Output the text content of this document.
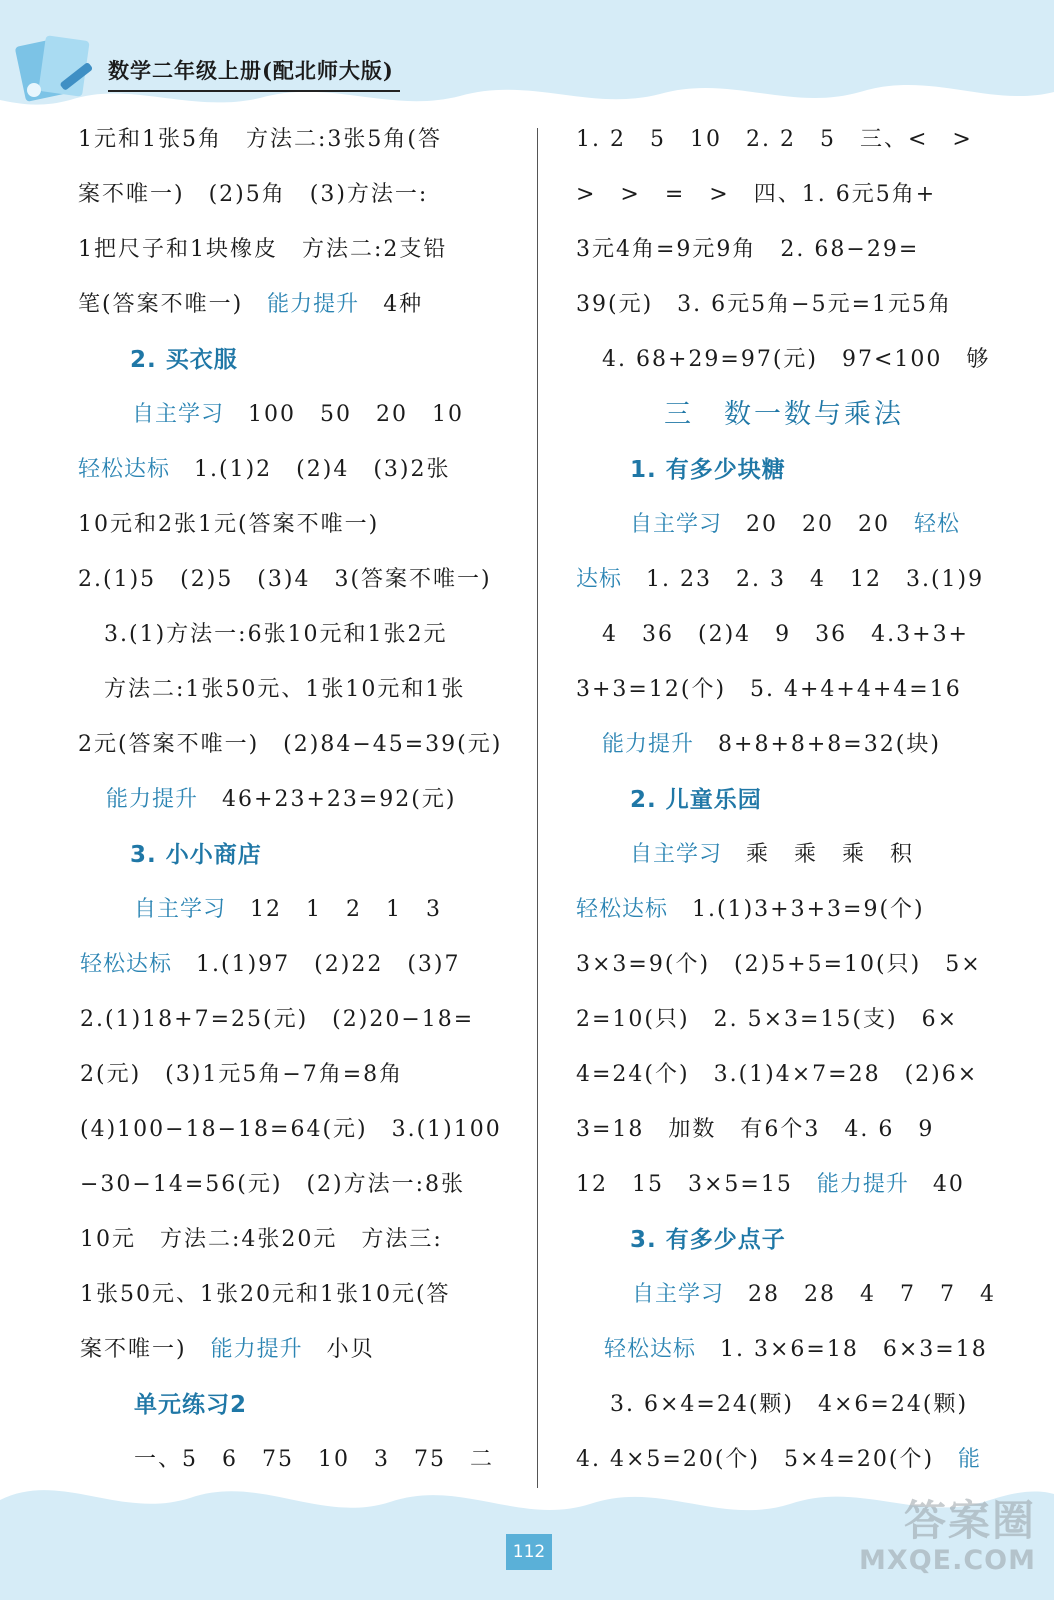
数学二年级上册(配北师大版)
1元和1张5角　方法二:3张5角(答
案不唯一)　(2)5角　(3)方法一:
1把尺子和1块橡皮　方法二:2支铅
笔(答案不唯一)　能力提升　4种
2. 买衣服
自主学习　100　50　20　10
轻松达标　1.(1)2　(2)4　(3)2张
10元和2张1元(答案不唯一)
2.(1)5　(2)5　(3)4　3(答案不唯一)
3.(1)方法一:6张10元和1张2元
方法二:1张50元、1张10元和1张
2元(答案不唯一)　(2)84−45=39(元)
能力提升　46+23+23=92(元)
3. 小小商店
自主学习　12　1　2　1　3
轻松达标　1.(1)97　(2)22　(3)7
2.(1)18+7=25(元)　(2)20−18=
2(元)　(3)1元5角−7角=8角
(4)100−18−18=64(元)　3.(1)100
−30−14=56(元)　(2)方法一:8张
10元　方法二:4张20元　方法三:
1张50元、1张20元和1张10元(答
案不唯一)　能力提升　小贝
单元练习2
一、5　6　75　10　3　75　二
1. 2　5　10　2. 2　5　三、<　>
>　>　=　>　四、1. 6元5角+
3元4角=9元9角　2. 68−29=
39(元)　3. 6元5角−5元=1元5角
4. 68+29=97(元)　97<100　够
三　数一数与乘法
1. 有多少块糖
自主学习　20　20　20　轻松
达标　1. 23　2. 3　4　12　3.(1)9
4　36　(2)4　9　36　4.3+3+
3+3=12(个)　5. 4+4+4+4=16
能力提升　8+8+8+8=32(块)
2. 儿童乐园
自主学习　乘　乘　乘　积
轻松达标　1.(1)3+3+3=9(个)
3×3=9(个)　(2)5+5=10(只)　5×
2=10(只)　2. 5×3=15(支)　6×
4=24(个)　3.(1)4×7=28　(2)6×
3=18　加数　有6个3　4. 6　9
12　15　3×5=15　能力提升　40
3. 有多少点子
自主学习　28　28　4　7　7　4
轻松达标　1. 3×6=18　6×3=18
3. 6×4=24(颗)　4×6=24(颗)
4. 4×5=20(个)　5×4=20(个)　能
112
答案圈
MXQE.COM
